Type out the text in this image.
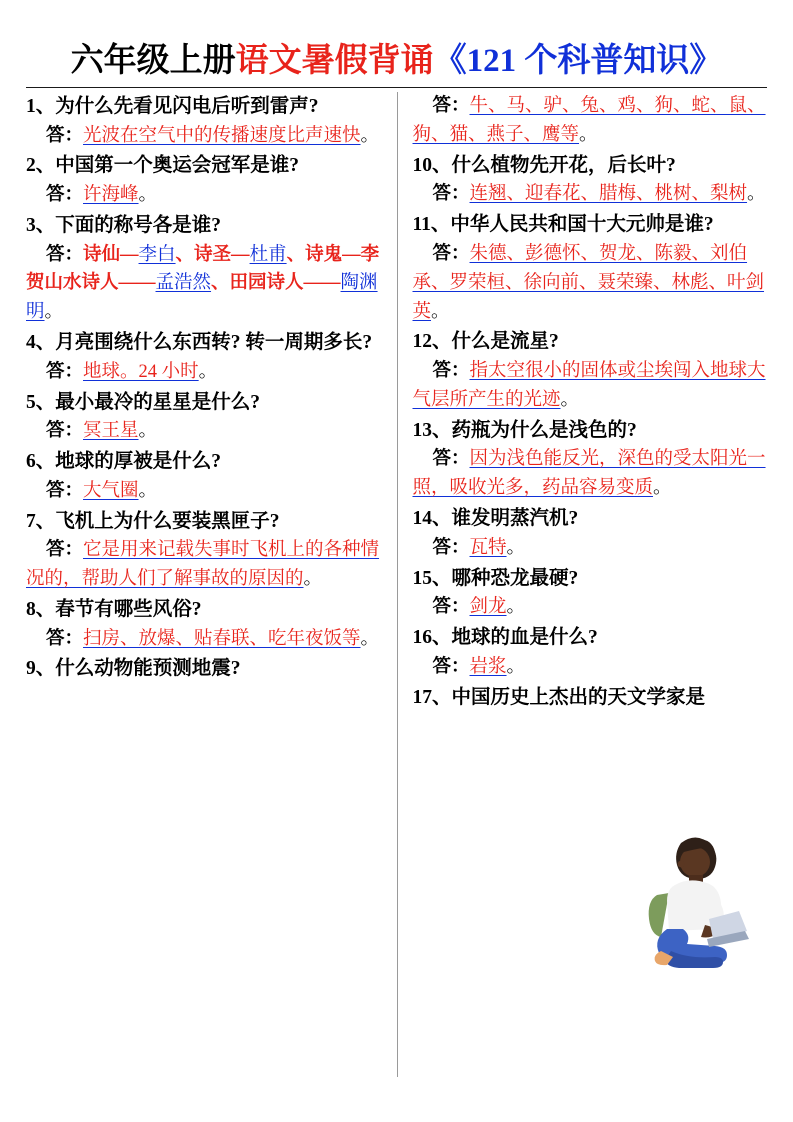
六年级上册 语文暑假背诵 《121 个科普知识》

1、为什么先看见闪电后听到雷声?

答：光波在空气中的传播速度比声速快。

2、中国第一个奥运会冠军是谁?

答：许海峰。

3、下面的称号各是谁?

答：诗仙—李白、诗圣—杜甫、诗鬼—李贺山水诗人——孟浩然、田园诗人——陶渊明。

4、月亮围绕什么东西转? 转一周期多长?

答：地球。24 小时。

5、最小最冷的星星是什么?

答：冥王星。

6、地球的厚被是什么?

答：大气圈。

7、飞机上为什么要装黑匣子?

答：它是用来记载失事时飞机上的各种情况的，帮助人们了解事故的原因的。

8、春节有哪些风俗?

答：扫房、放爆、贴春联、吃年夜饭等。

9、什么动物能预测地震?

答：牛、马、驴、兔、鸡、狗、蛇、鼠、狗、猫、燕子、鹰等。

10、什么植物先开花，后长叶?

答：连翘、迎春花、腊梅、桃树、梨树。

11、中华人民共和国十大元帅是谁?

答：朱德、彭德怀、贺龙、陈毅、刘伯承、罗荣桓、徐向前、聂荣臻、林彪、叶剑英。

12、什么是流星?

答：指太空很小的固体或尘埃闯入地球大气层所产生的光迹。

13、药瓶为什么是浅色的?

答：因为浅色能反光，深色的受太阳光一照，吸收光多，药品容易变质。

14、谁发明蒸汽机?

答：瓦特。

15、哪种恐龙最硬?

答：剑龙。

16、地球的血是什么?

答：岩浆。

17、中国历史上杰出的天文学家是
